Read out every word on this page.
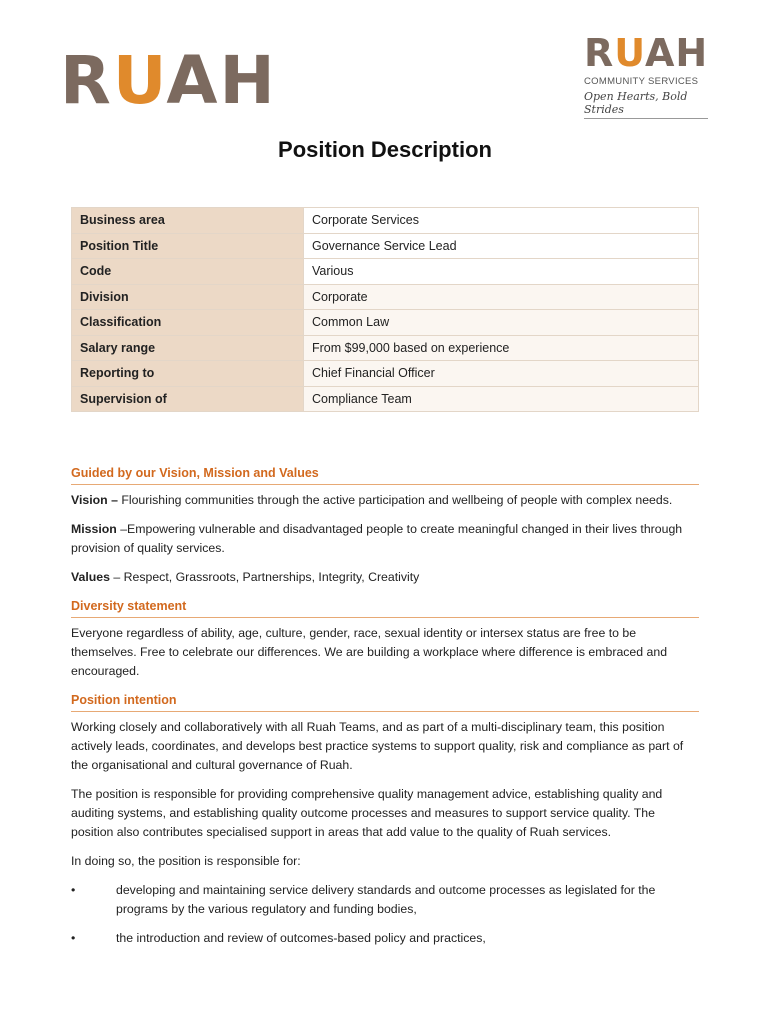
RUAH	RUAH
COMMUNITY SERVICES
Open Hearts, Bold Strides
Position Description
Business area	Corporate Services
Position Title	Governance Service Lead
Code	Various
Division	Corporate
Classification	Common Law
Salary range	From $99,000 based on experience
Reporting to	Chief Financial Officer
Supervision of	Compliance Team
Guided by our Vision, Mission and Values

Vision – Flourishing communities through the active participation and wellbeing of people with complex needs.

Mission –Empowering vulnerable and disadvantaged people to create meaningful changed in their lives through provision of quality services.

Values – Respect, Grassroots, Partnerships, Integrity, Creativity

Diversity statement

Everyone regardless of ability, age, culture, gender, race, sexual identity or intersex status are free to be themselves. Free to celebrate our differences. We are building a workplace where difference is embraced and encouraged.

Position intention

Working closely and collaboratively with all Ruah Teams, and as part of a multi-disciplinary team, this position actively leads, coordinates, and develops best practice systems to support quality, risk and compliance as part of the organisational and cultural governance of Ruah.

The position is responsible for providing comprehensive quality management advice, establishing quality and auditing systems, and establishing quality outcome processes and measures to support service quality. The position also contributes specialised support in areas that add value to the quality of Ruah services.

In doing so, the position is responsible for:

•	developing and maintaining service delivery standards and outcome processes as legislated for the programs by the various regulatory and funding bodies,
•	the introduction and review of outcomes-based policy and practices,
